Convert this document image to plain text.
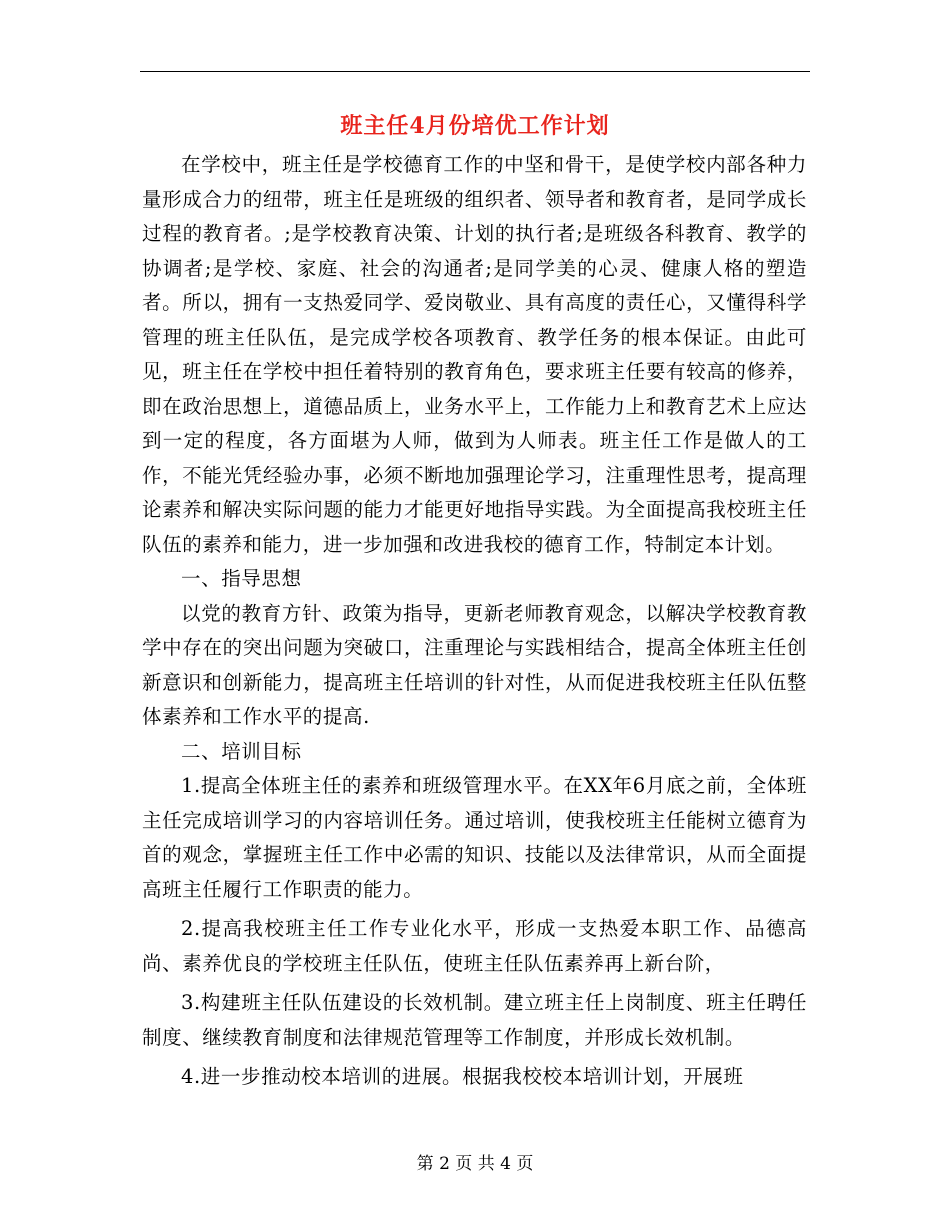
班主任4月份培优工作计划

在学校中，班主任是学校德育工作的中坚和骨干，是使学校内部各种力量形成合力的纽带，班主任是班级的组织者、领导者和教育者，是同学成长过程的教育者。;是学校教育决策、计划的执行者;是班级各科教育、教学的协调者;是学校、家庭、社会的沟通者;是同学美的心灵、健康人格的塑造者。所以，拥有一支热爱同学、爱岗敬业、具有高度的责任心，又懂得科学管理的班主任队伍，是完成学校各项教育、教学任务的根本保证。由此可见，班主任在学校中担任着特别的教育角色，要求班主任要有较高的修养，即在政治思想上，道德品质上，业务水平上，工作能力上和教育艺术上应达到一定的程度，各方面堪为人师，做到为人师表。班主任工作是做人的工作，不能光凭经验办事，必须不断地加强理论学习，注重理性思考，提高理论素养和解决实际问题的能力才能更好地指导实践。为全面提高我校班主任队伍的素养和能力，进一步加强和改进我校的德育工作，特制定本计划。

一、指导思想

以党的教育方针、政策为指导，更新老师教育观念，以解决学校教育教学中存在的突出问题为突破口，注重理论与实践相结合，提高全体班主任创新意识和创新能力，提高班主任培训的针对性，从而促进我校班主任队伍整体素养和工作水平的提高.

二、培训目标

1.提高全体班主任的素养和班级管理水平。在XX年6月底之前，全体班主任完成培训学习的内容培训任务。通过培训，使我校班主任能树立德育为首的观念，掌握班主任工作中必需的知识、技能以及法律常识，从而全面提高班主任履行工作职责的能力。

2.提高我校班主任工作专业化水平，形成一支热爱本职工作、品德高尚、素养优良的学校班主任队伍，使班主任队伍素养再上新台阶，

3.构建班主任队伍建设的长效机制。建立班主任上岗制度、班主任聘任制度、继续教育制度和法律规范管理等工作制度，并形成长效机制。

4.进一步推动校本培训的进展。根据我校校本培训计划，开展班

第 2 页 共 4 页
